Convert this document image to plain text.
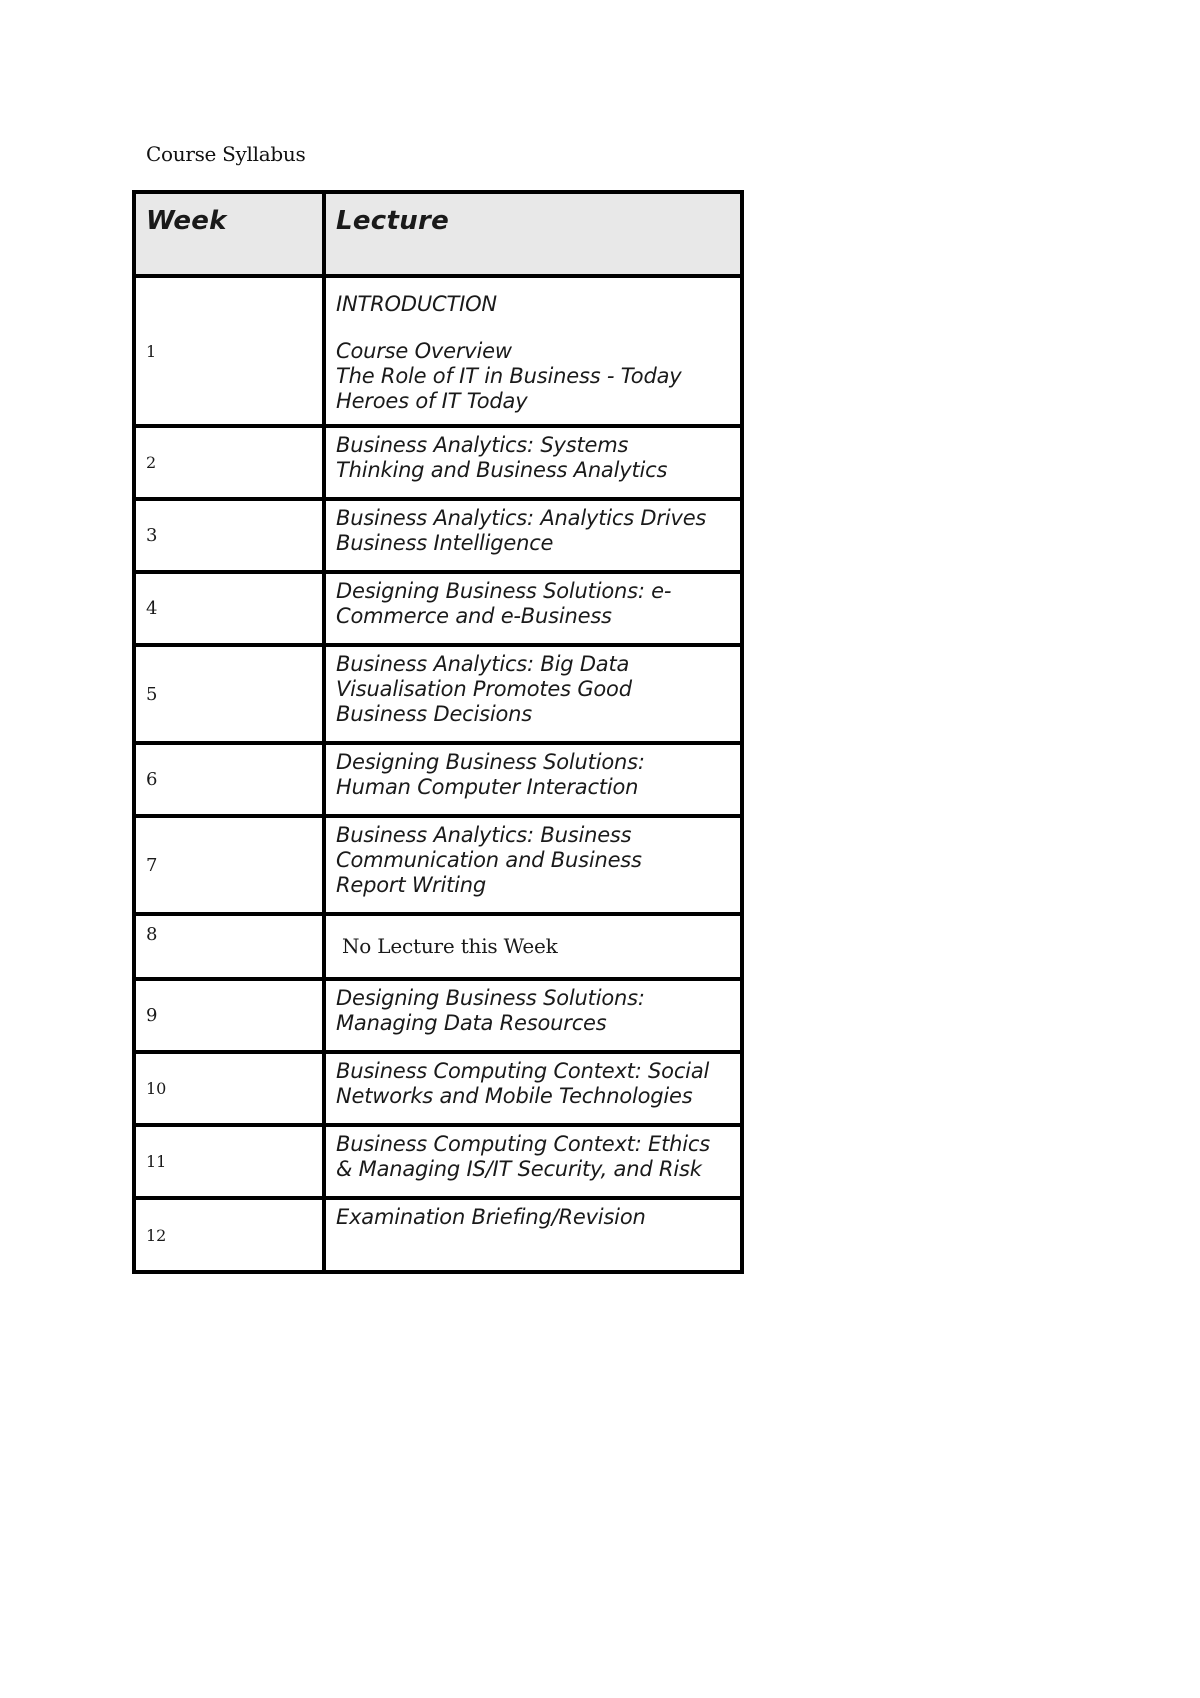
Course Syllabus
Week	Lecture
1	INTRODUCTION
Course Overview
The Role of IT in Business - Today
Heroes of IT Today

2	Business Analytics: Systems
Thinking and Business Analytics

3	Business Analytics: Analytics Drives
Business Intelligence

4	Designing Business Solutions: e-
Commerce and e-Business

5	Business Analytics: Big Data
Visualisation Promotes Good
Business Decisions

6	Designing Business Solutions:
Human Computer Interaction

7	Business Analytics: Business
Communication and Business
Report Writing

8	No Lecture this Week

9	Designing Business Solutions:
Managing Data Resources

10	Business Computing Context: Social
Networks and Mobile Technologies

11	Business Computing Context: Ethics
& Managing IS/IT Security, and Risk

12	Examination Briefing/Revision
